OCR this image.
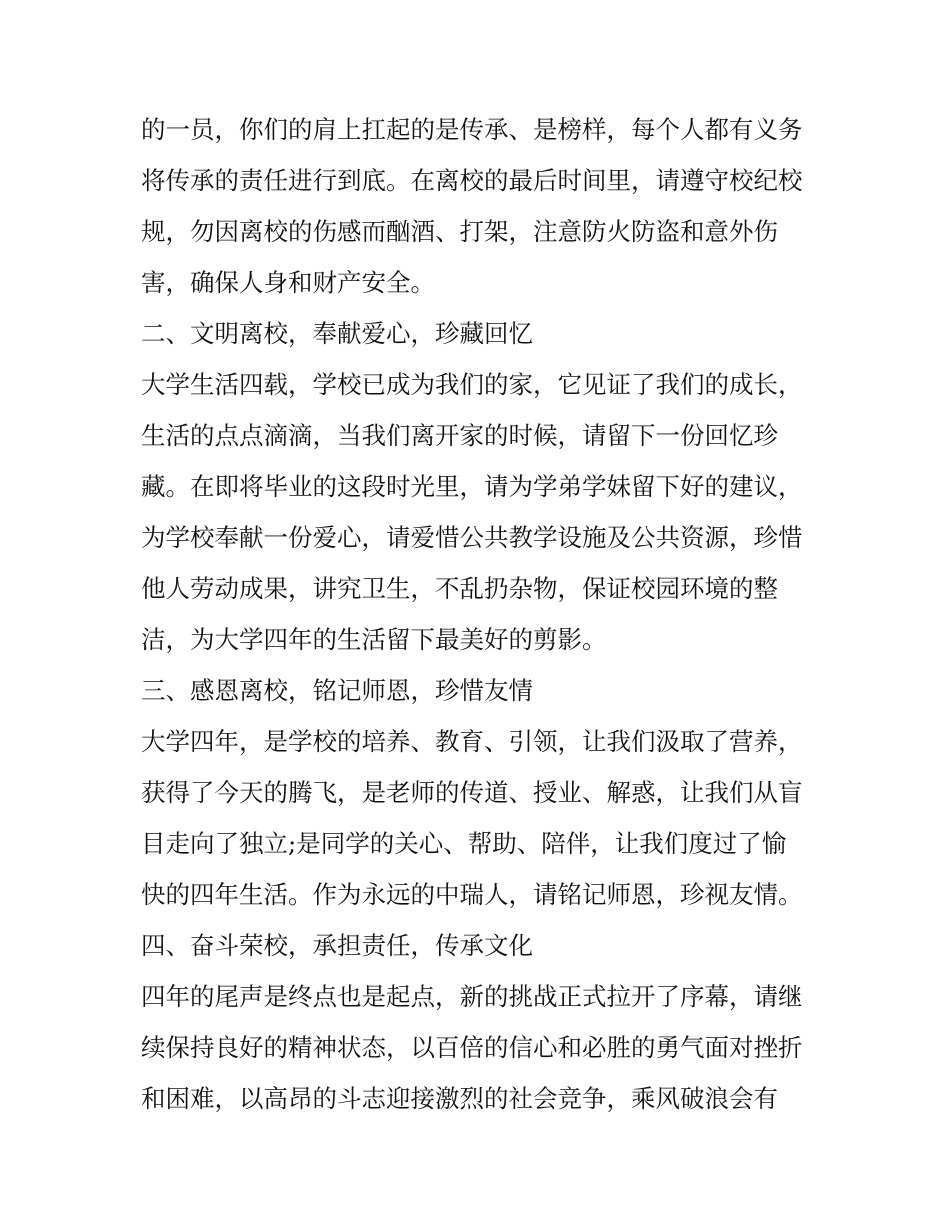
的一员，你们的肩上扛起的是传承、是榜样，每个人都有义务
将传承的责任进行到底。在离校的最后时间里，请遵守校纪校
规，勿因离校的伤感而酗酒、打架，注意防火防盗和意外伤
害，确保人身和财产安全。
二、文明离校，奉献爱心，珍藏回忆
大学生活四载，学校已成为我们的家，它见证了我们的成长，
生活的点点滴滴，当我们离开家的时候，请留下一份回忆珍
藏。在即将毕业的这段时光里，请为学弟学妹留下好的建议，
为学校奉献一份爱心，请爱惜公共教学设施及公共资源，珍惜
他人劳动成果，讲究卫生，不乱扔杂物，保证校园环境的整
洁，为大学四年的生活留下最美好的剪影。
三、感恩离校，铭记师恩，珍惜友情
大学四年，是学校的培养、教育、引领，让我们汲取了营养，
获得了今天的腾飞，是老师的传道、授业、解惑，让我们从盲
目走向了独立;是同学的关心、帮助、陪伴，让我们度过了愉
快的四年生活。作为永远的中瑞人，请铭记师恩，珍视友情。
四、奋斗荣校，承担责任，传承文化
四年的尾声是终点也是起点，新的挑战正式拉开了序幕，请继
续保持良好的精神状态，以百倍的信心和必胜的勇气面对挫折
和困难，以高昂的斗志迎接激烈的社会竞争，乘风破浪会有
